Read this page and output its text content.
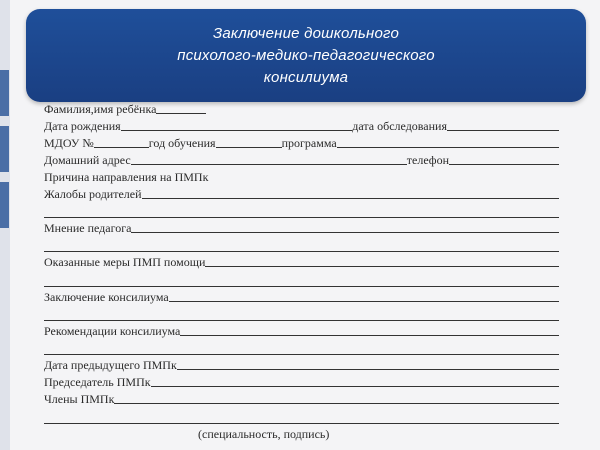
Заключение дошкольного
психолого-медико-педагогического
консилиума
Фамилия,имя ребёнка
Дата рождения	дата обследования
МДОУ №	год обучения	программа
Домашний адрес	телефон
Причина направления на ПМПк
Жалобы родителей
Мнение педагога
Оказанные меры ПМП помощи
Заключение консилиума
Рекомендации консилиума
Дата предыдущего ПМПк
Председатель ПМПк
Члены ПМПк
(специальность, подпись)
